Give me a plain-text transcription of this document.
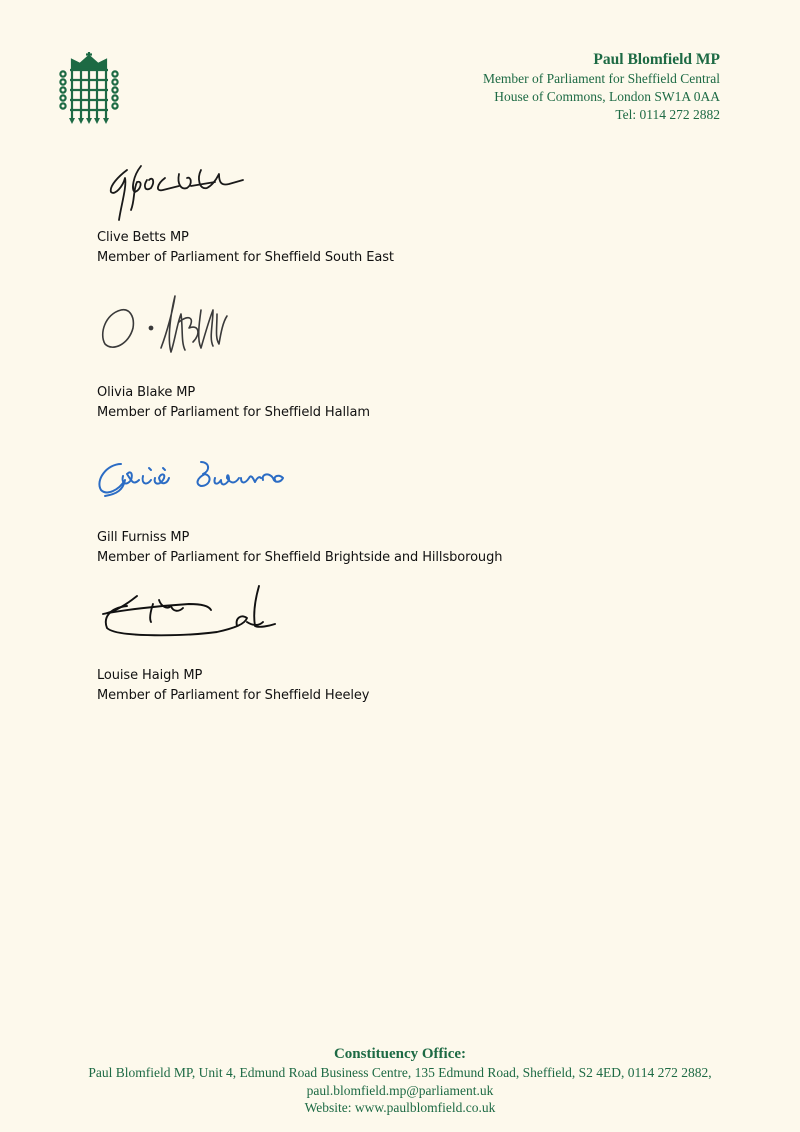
Paul Blomfield MP
Member of Parliament for Sheffield Central
House of Commons, London SW1A 0AA
Tel: 0114 272 2882
Clive Betts MP
Member of Parliament for Sheffield South East
Olivia Blake MP
Member of Parliament for Sheffield Hallam
Gill Furniss MP
Member of Parliament for Sheffield Brightside and Hillsborough
Louise Haigh MP
Member of Parliament for Sheffield Heeley
Constituency Office:
Paul Blomfield MP, Unit 4, Edmund Road Business Centre, 135 Edmund Road, Sheffield, S2 4ED, 0114 272 2882,
paul.blomfield.mp@parliament.uk
Website: www.paulblomfield.co.uk
